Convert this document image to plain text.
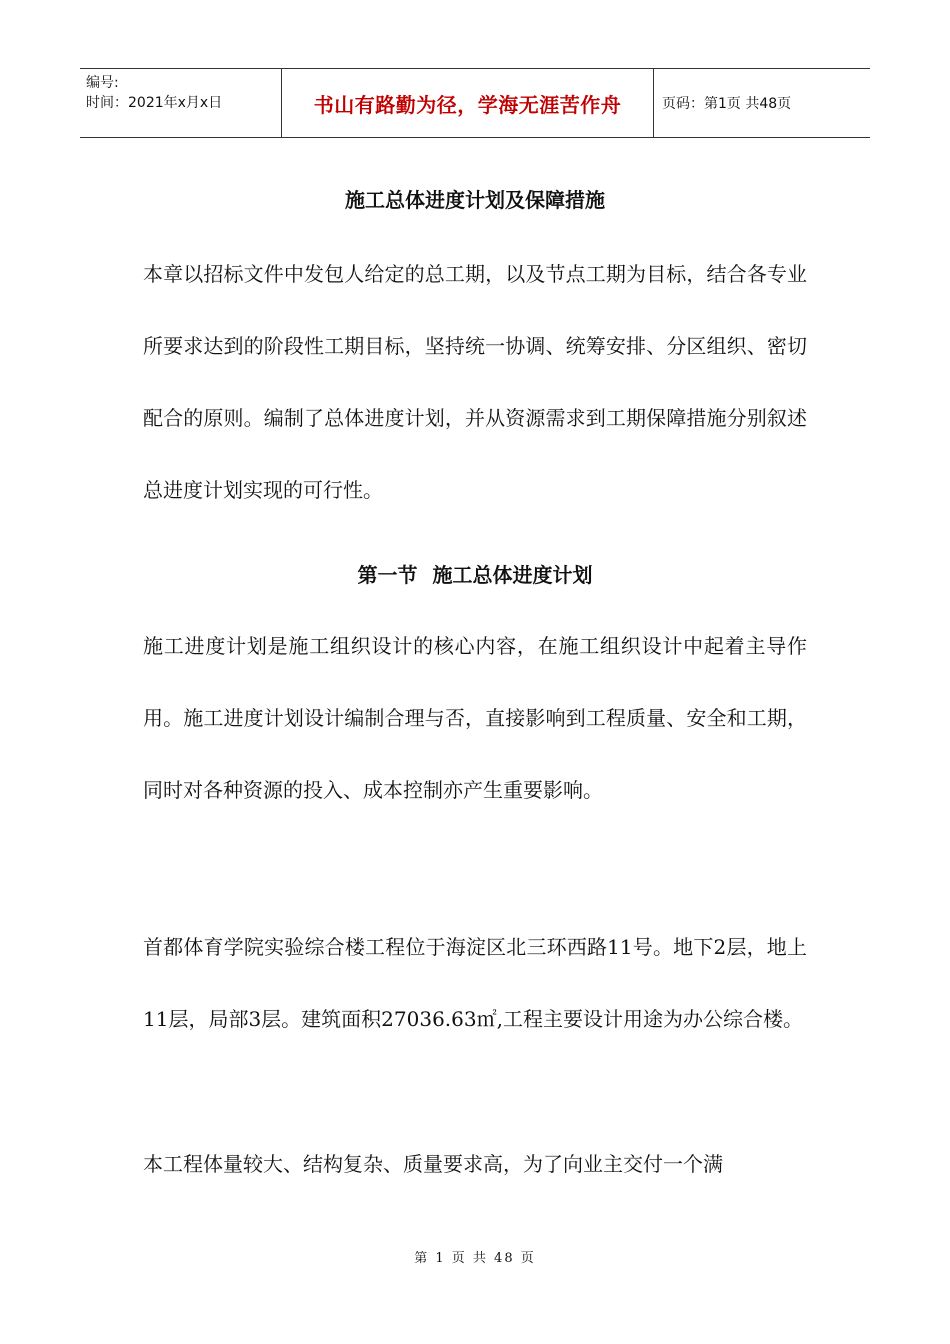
编号:
时间：2021年x月x日	书山有路勤为径，学海无涯苦作舟	页码：第1页 共48页
施工总体进度计划及保障措施

本章以招标文件中发包人给定的总工期，以及节点工期为目标，结合各专业所要求达到的阶段性工期目标，坚持统一协调、统筹安排、分区组织、密切配合的原则。编制了总体进度计划，并从资源需求到工期保障措施分别叙述总进度计划实现的可行性。

第一节 施工总体进度计划

施工进度计划是施工组织设计的核心内容，在施工组织设计中起着主导作用。施工进度计划设计编制合理与否，直接影响到工程质量、安全和工期，同时对各种资源的投入、成本控制亦产生重要影响。

首都体育学院实验综合楼工程位于海淀区北三环西路11号。地下2层，地上11层，局部3层。建筑面积27036.63㎡,工程主要设计用途为办公综合楼。

本工程体量较大、结构复杂、质量要求高，为了向业主交付一个满

第 1 页 共 48 页
